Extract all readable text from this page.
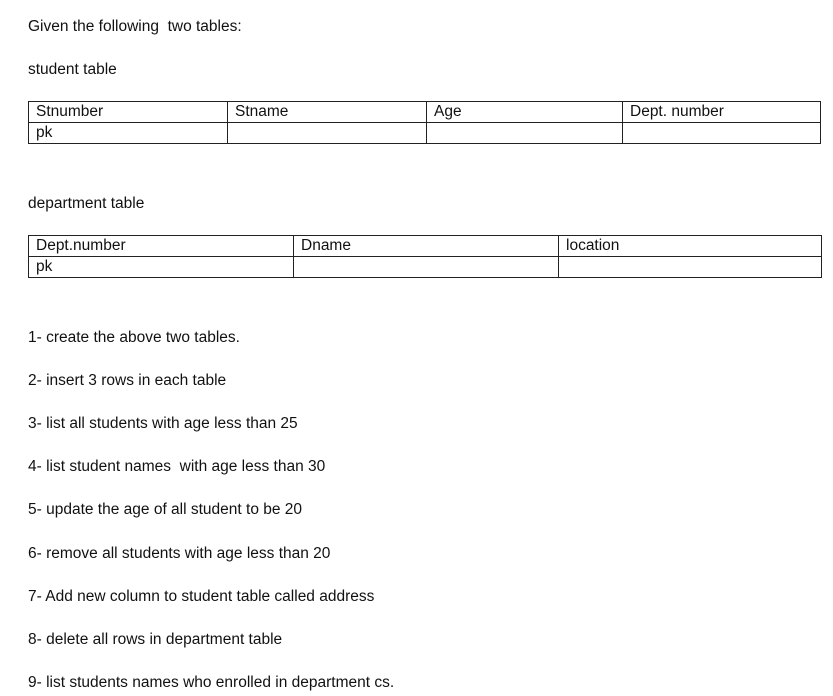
Given the following  two tables:
student table
Stnumber	Stname	Age	Dept. number
pk			
department table
Dept.number	Dname	location
pk		
1- create the above two tables.
2- insert 3 rows in each table
3- list all students with age less than 25
4- list student names  with age less than 30
5- update the age of all student to be 20
6- remove all students with age less than 20
7- Add new column to student table called address
8- delete all rows in department table
9- list students names who enrolled in department cs.
